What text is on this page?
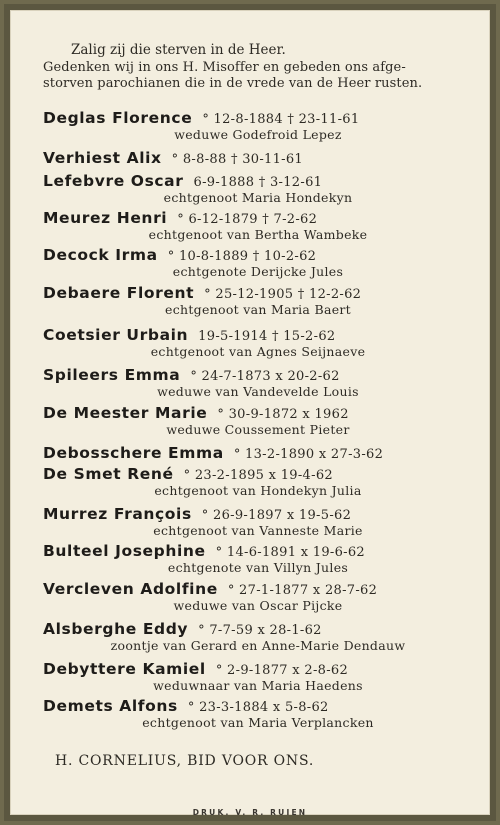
Zalig zij die sterven in de Heer.
Gedenken wij in ons H. Misoffer en gebeden ons afge-
storven parochianen die in de vrede van de Heer rusten.
Deglas Florence ° 12-8-1884 † 23-11-61
weduwe Godefroid Lepez
Verhiest Alix ° 8-8-88 † 30-11-61
Lefebvre Oscar 6-9-1888 † 3-12-61
echtgenoot Maria Hondekyn
Meurez Henri ° 6-12-1879 † 7-2-62
echtgenoot van Bertha Wambeke
Decock Irma ° 10-8-1889 † 10-2-62
echtgenote Derijcke Jules
Debaere Florent ° 25-12-1905 † 12-2-62
echtgenoot van Maria Baert
Coetsier Urbain 19-5-1914 † 15-2-62
echtgenoot van Agnes Seijnaeve
Spileers Emma ° 24-7-1873 x 20-2-62
weduwe van Vandevelde Louis
De Meester Marie ° 30-9-1872 x 1962
weduwe Coussement Pieter
Debosschere Emma ° 13-2-1890 x 27-3-62
De Smet René ° 23-2-1895 x 19-4-62
echtgenoot van Hondekyn Julia
Murrez François ° 26-9-1897 x 19-5-62
echtgenoot van Vanneste Marie
Bulteel Josephine ° 14-6-1891 x 19-6-62
echtgenote van Villyn Jules
Vercleven Adolfine ° 27-1-1877 x 28-7-62
weduwe van Oscar Pijcke
Alsberghe Eddy ° 7-7-59 x 28-1-62
zoontje van Gerard en Anne-Marie Dendauw
Debyttere Kamiel ° 2-9-1877 x 2-8-62
weduwnaar van Maria Haedens
Demets Alfons ° 23-3-1884 x 5-8-62
echtgenoot van Maria Verplancken
H. CORNELIUS, BID VOOR ONS.
DRUK. V. R. RUIEN
